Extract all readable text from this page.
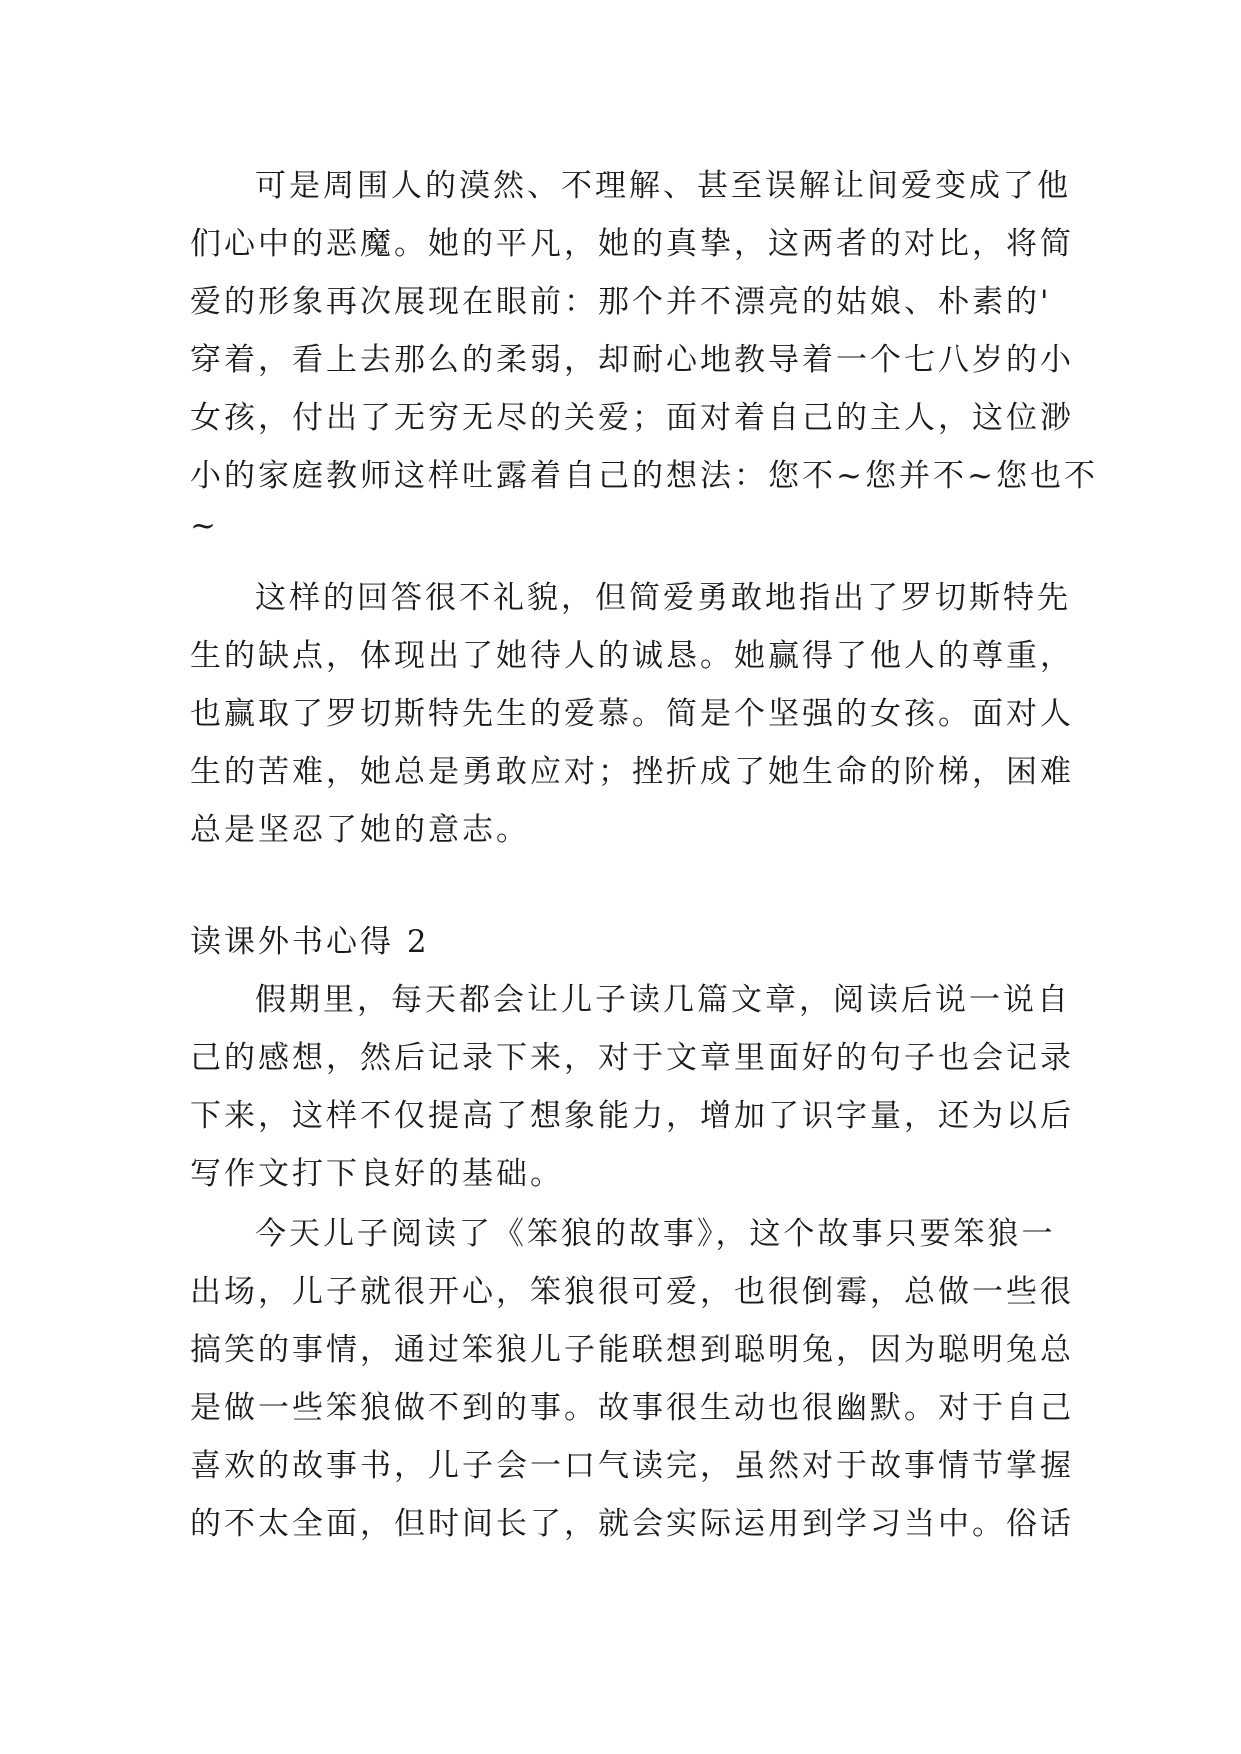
可是周围人的漠然、不理解、甚至误解让间爱变成了他
们心中的恶魔。她的平凡，她的真挚，这两者的对比，将简
爱的形象再次展现在眼前：那个并不漂亮的姑娘、朴素的'
穿着，看上去那么的柔弱，却耐心地教导着一个七八岁的小
女孩，付出了无穷无尽的关爱；面对着自己的主人，这位渺
小的家庭教师这样吐露着自己的想法：您不~您并不~您也不
~
这样的回答很不礼貌，但简爱勇敢地指出了罗切斯特先
生的缺点，体现出了她待人的诚恳。她赢得了他人的尊重，
也赢取了罗切斯特先生的爱慕。简是个坚强的女孩。面对人
生的苦难，她总是勇敢应对；挫折成了她生命的阶梯，困难
总是坚忍了她的意志。
读课外书心得 2
假期里，每天都会让儿子读几篇文章，阅读后说一说自
己的感想，然后记录下来，对于文章里面好的句子也会记录
下来，这样不仅提高了想象能力，增加了识字量，还为以后
写作文打下良好的基础。
今天儿子阅读了《笨狼的故事》，这个故事只要笨狼一
出场，儿子就很开心，笨狼很可爱，也很倒霉，总做一些很
搞笑的事情，通过笨狼儿子能联想到聪明兔，因为聪明兔总
是做一些笨狼做不到的事。故事很生动也很幽默。对于自己
喜欢的故事书，儿子会一口气读完，虽然对于故事情节掌握
的不太全面，但时间长了，就会实际运用到学习当中。俗话
